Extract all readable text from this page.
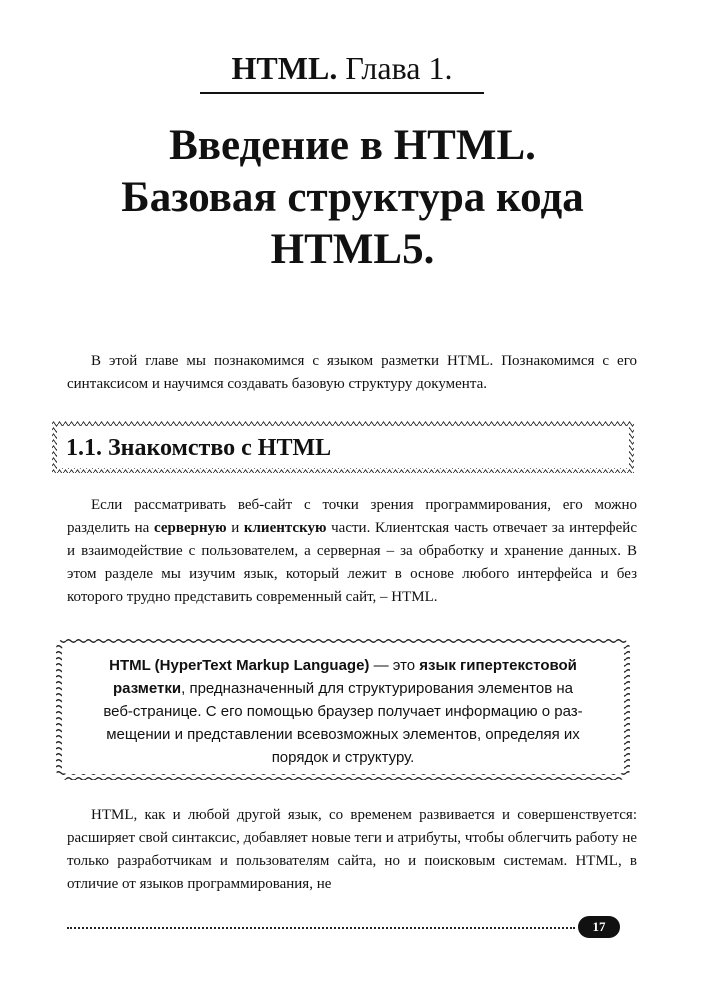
HTML. Глава 1.
Введение в HTML.
Базовая структура кода
HTML5.

В этой главе мы познакомимся с языком разметки HTML. Познакомимся с его синтаксисом и научимся создавать базовую структуру документа.

1.1. Знакомство с HTML

Если рассматривать веб-сайт с точки зрения программирования, его можно разделить на серверную и клиентскую части. Клиентская часть отвечает за интерфейс и взаимодействие с пользователем, а серверная – за обработку и хранение данных. В этом разделе мы изучим язык, который лежит в основе любого интерфейса и без которого трудно представить современный сайт, – HTML.

HTML (HyperText Markup Language) — это язык гипертекстовой
разметки, предназначенный для структурирования элементов на
веб-странице. С его помощью браузер получает информацию о раз-
мещении и представлении всевозможных элементов, определяя их
порядок и структуру.

HTML, как и любой другой язык, со временем развивается и совершенствуется: расширяет свой синтаксис, добавляет новые теги и атрибуты, чтобы облегчить работу не только разработчикам и пользователям сайта, но и поисковым системам. HTML, в отличие от языков программирования, не

17
